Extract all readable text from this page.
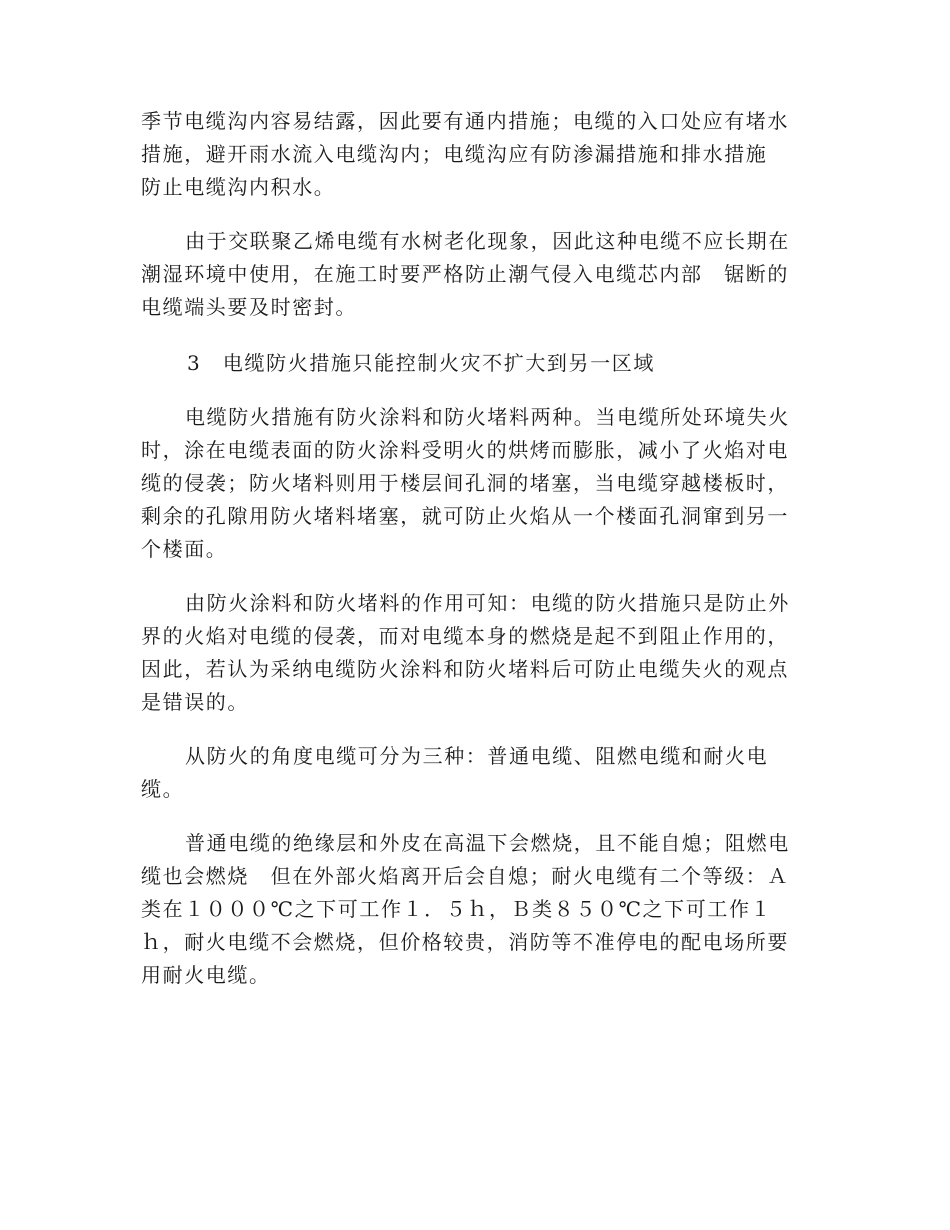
季节电缆沟内容易结露，因此要有通内措施；电缆的入口处应有堵水
措施，避开雨水流入电缆沟内；电缆沟应有防渗漏措施和排水措施
防止电缆沟内积水。

由于交联聚乙烯电缆有水树老化现象，因此这种电缆不应长期在
潮湿环境中使用，在施工时要严格防止潮气侵入电缆芯内部　锯断的
电缆端头要及时密封。

3　电缆防火措施只能控制火灾不扩大到另一区域

电缆防火措施有防火涂料和防火堵料两种。当电缆所处环境失火
时，涂在电缆表面的防火涂料受明火的烘烤而膨胀，减小了火焰对电
缆的侵袭；防火堵料则用于楼层间孔洞的堵塞，当电缆穿越楼板时，
剩余的孔隙用防火堵料堵塞，就可防止火焰从一个楼面孔洞窜到另一
个楼面。

由防火涂料和防火堵料的作用可知：电缆的防火措施只是防止外
界的火焰对电缆的侵袭，而对电缆本身的燃烧是起不到阻止作用的，
因此，若认为采纳电缆防火涂料和防火堵料后可防止电缆失火的观点
是错误的。

从防火的角度电缆可分为三种：普通电缆、阻燃电缆和耐火电
缆。

普通电缆的绝缘层和外皮在高温下会燃烧，且不能自熄；阻燃电
缆也会燃烧　但在外部火焰离开后会自熄；耐火电缆有二个等级：Ａ
类在１０００℃之下可工作１．５ｈ，Ｂ类８５０℃之下可工作１
ｈ，耐火电缆不会燃烧，但价格较贵，消防等不准停电的配电场所要
用耐火电缆。
